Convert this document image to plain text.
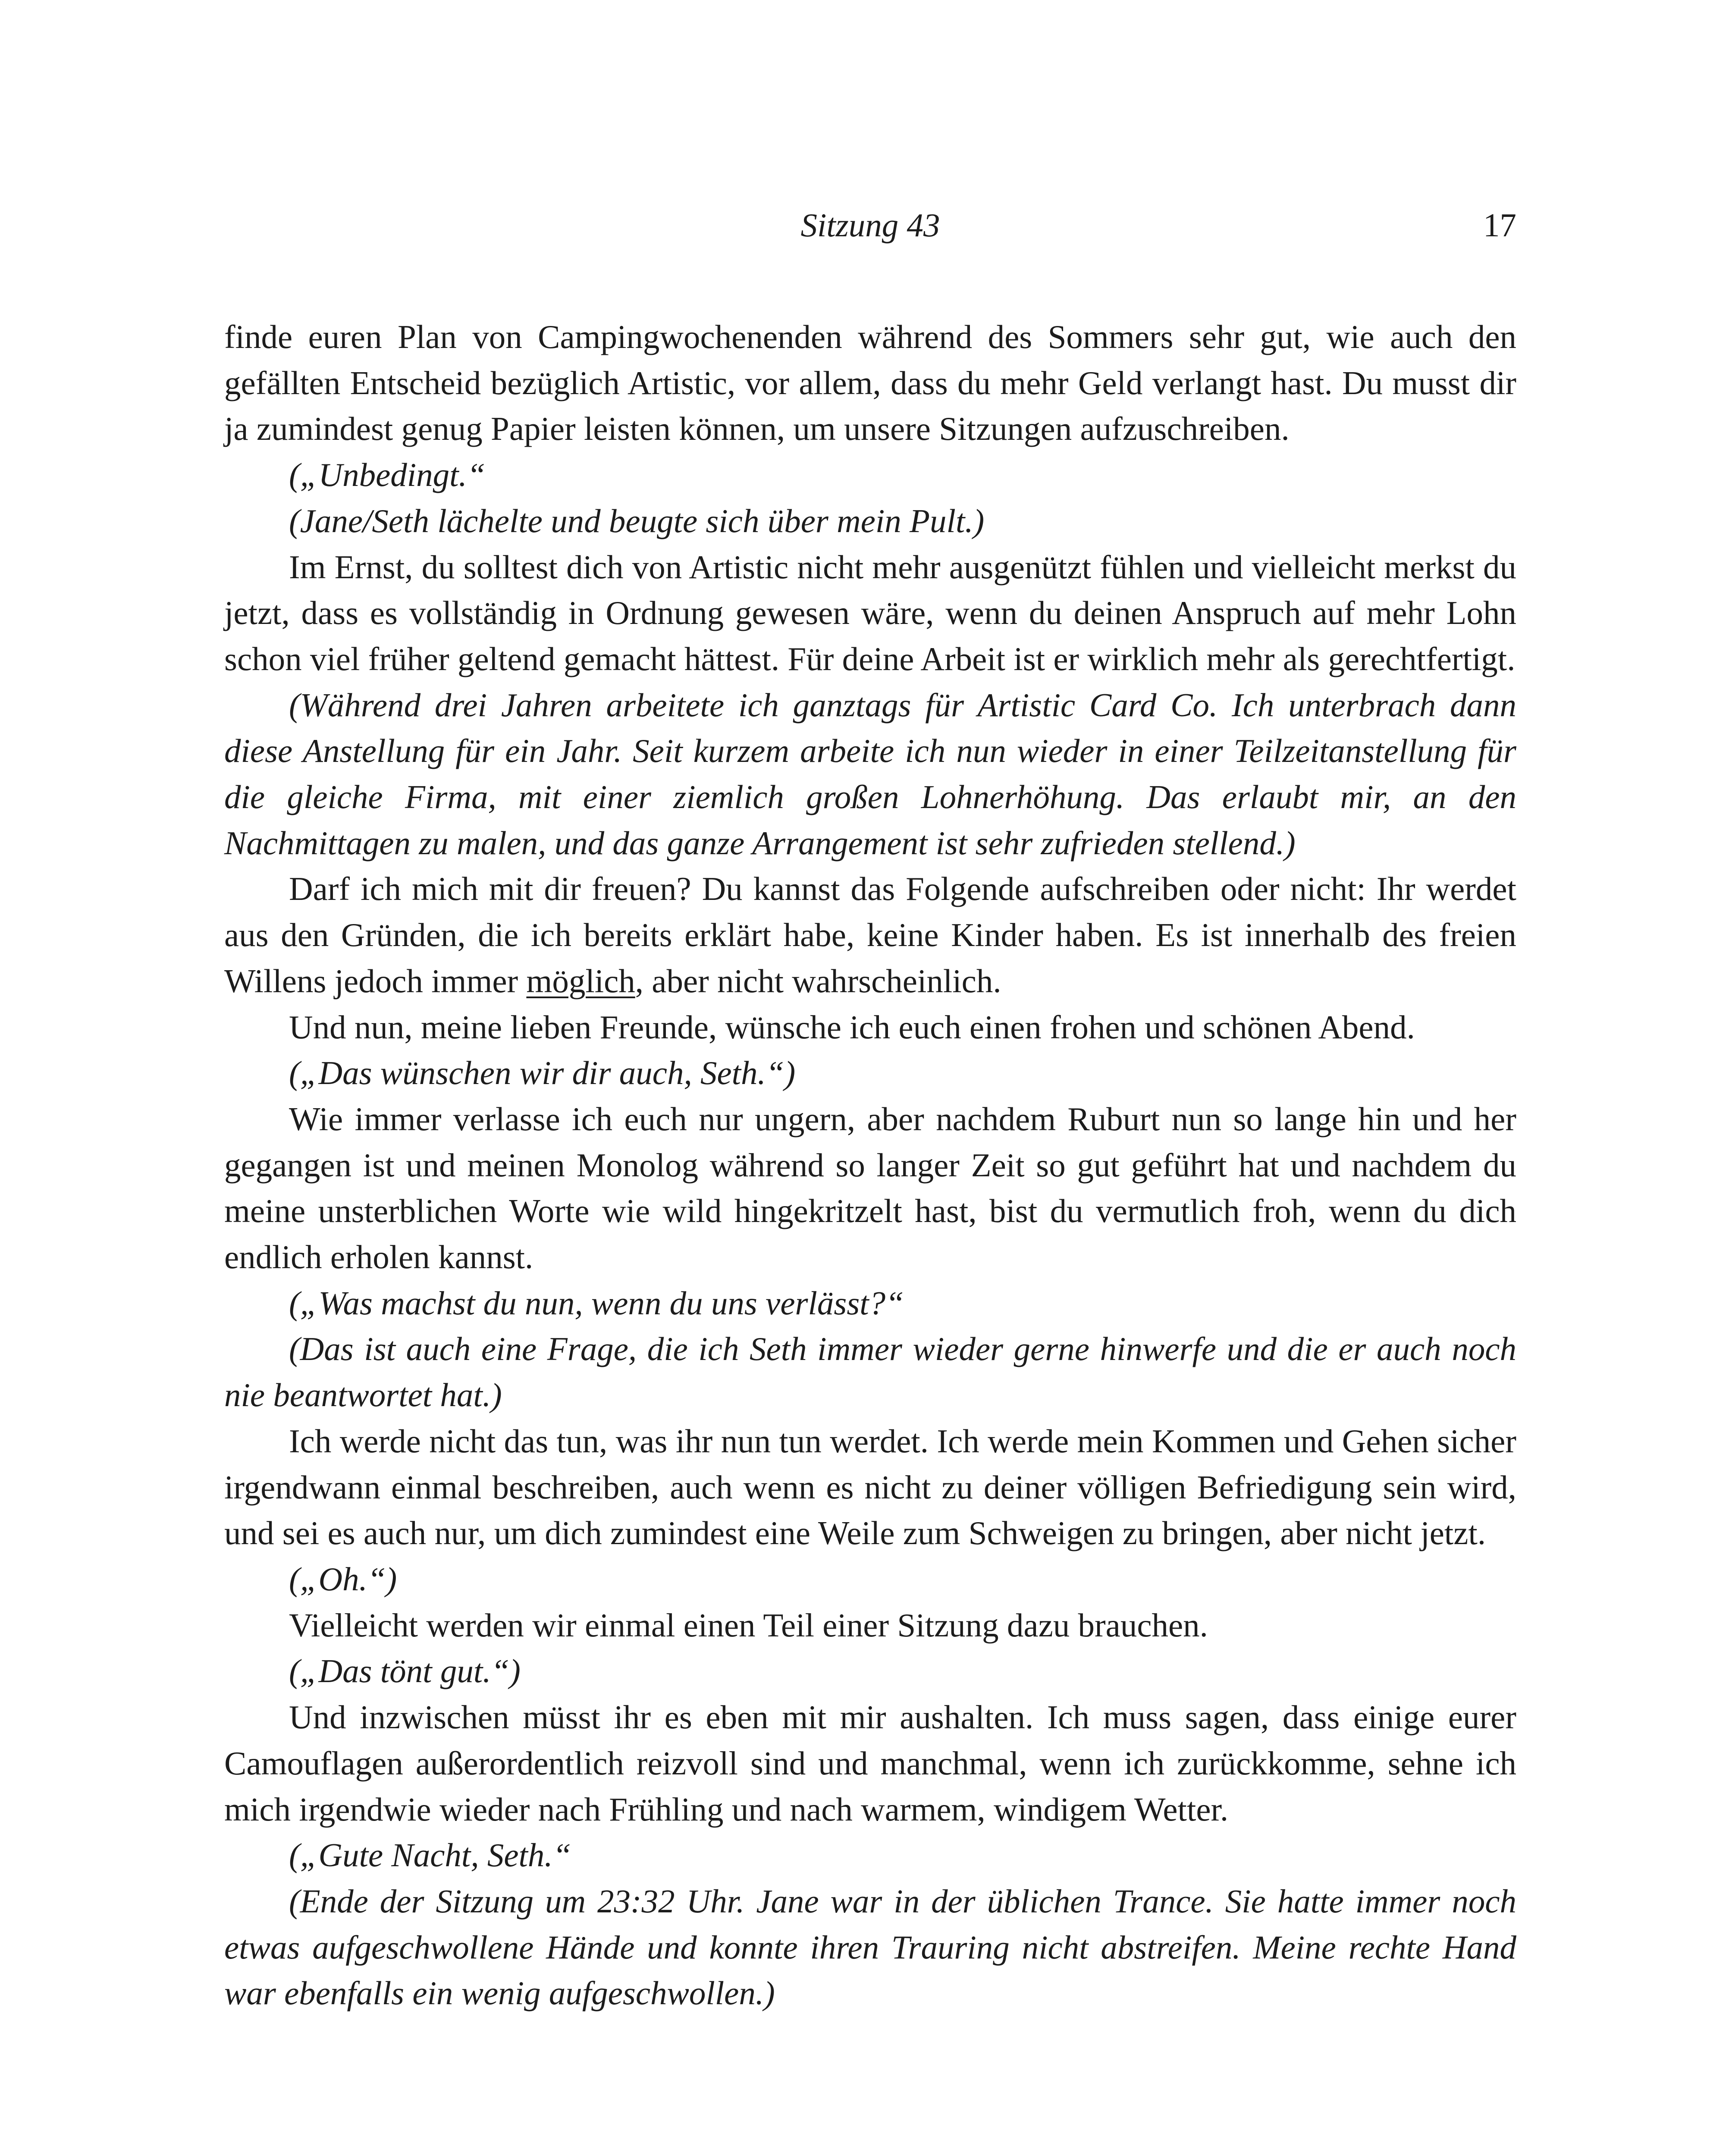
Sitzung 43	17

finde euren Plan von Campingwochenenden während des Sommers sehr gut, wie auch den gefällten Entscheid bezüglich Artistic, vor allem, dass du mehr Geld verlangt hast. Du musst dir ja zumindest genug Papier leisten können, um unsere Sitzungen aufzuschreiben.

(„Unbedingt.“

(Jane/Seth lächelte und beugte sich über mein Pult.)

Im Ernst, du solltest dich von Artistic nicht mehr ausgenützt fühlen und vielleicht merkst du jetzt, dass es vollständig in Ordnung gewesen wäre, wenn du deinen Anspruch auf mehr Lohn schon viel früher geltend gemacht hättest. Für deine Arbeit ist er wirklich mehr als gerechtfertigt.

(Während drei Jahren arbeitete ich ganztags für Artistic Card Co. Ich unterbrach dann diese Anstellung für ein Jahr. Seit kurzem arbeite ich nun wieder in einer Teilzeitanstellung für die gleiche Firma, mit einer ziemlich großen Lohnerhöhung. Das erlaubt mir, an den Nachmittagen zu malen, und das ganze Arrangement ist sehr zufrieden stellend.)

Darf ich mich mit dir freuen? Du kannst das Folgende aufschreiben oder nicht: Ihr werdet aus den Gründen, die ich bereits erklärt habe, keine Kinder haben. Es ist innerhalb des freien Willens jedoch immer möglich, aber nicht wahrscheinlich.

Und nun, meine lieben Freunde, wünsche ich euch einen frohen und schönen Abend.

(„Das wünschen wir dir auch, Seth.“)

Wie immer verlasse ich euch nur ungern, aber nachdem Ruburt nun so lange hin und her gegangen ist und meinen Monolog während so langer Zeit so gut geführt hat und nachdem du meine unsterblichen Worte wie wild hingekritzelt hast, bist du vermutlich froh, wenn du dich endlich erholen kannst.

(„Was machst du nun, wenn du uns verlässt?“

(Das ist auch eine Frage, die ich Seth immer wieder gerne hinwerfe und die er auch noch nie beantwortet hat.)

Ich werde nicht das tun, was ihr nun tun werdet. Ich werde mein Kommen und Gehen sicher irgendwann einmal beschreiben, auch wenn es nicht zu deiner völligen Befriedigung sein wird, und sei es auch nur, um dich zumindest eine Weile zum Schweigen zu bringen, aber nicht jetzt.

(„Oh.“)

Vielleicht werden wir einmal einen Teil einer Sitzung dazu brauchen.

(„Das tönt gut.“)

Und inzwischen müsst ihr es eben mit mir aushalten. Ich muss sagen, dass einige eurer Camouflagen außerordentlich reizvoll sind und manchmal, wenn ich zurückkomme, sehne ich mich irgendwie wieder nach Frühling und nach warmem, windigem Wetter.

(„Gute Nacht, Seth.“

(Ende der Sitzung um 23:32 Uhr. Jane war in der üblichen Trance. Sie hatte immer noch etwas aufgeschwollene Hände und konnte ihren Trauring nicht abstreifen. Meine rechte Hand war ebenfalls ein wenig aufgeschwollen.)
